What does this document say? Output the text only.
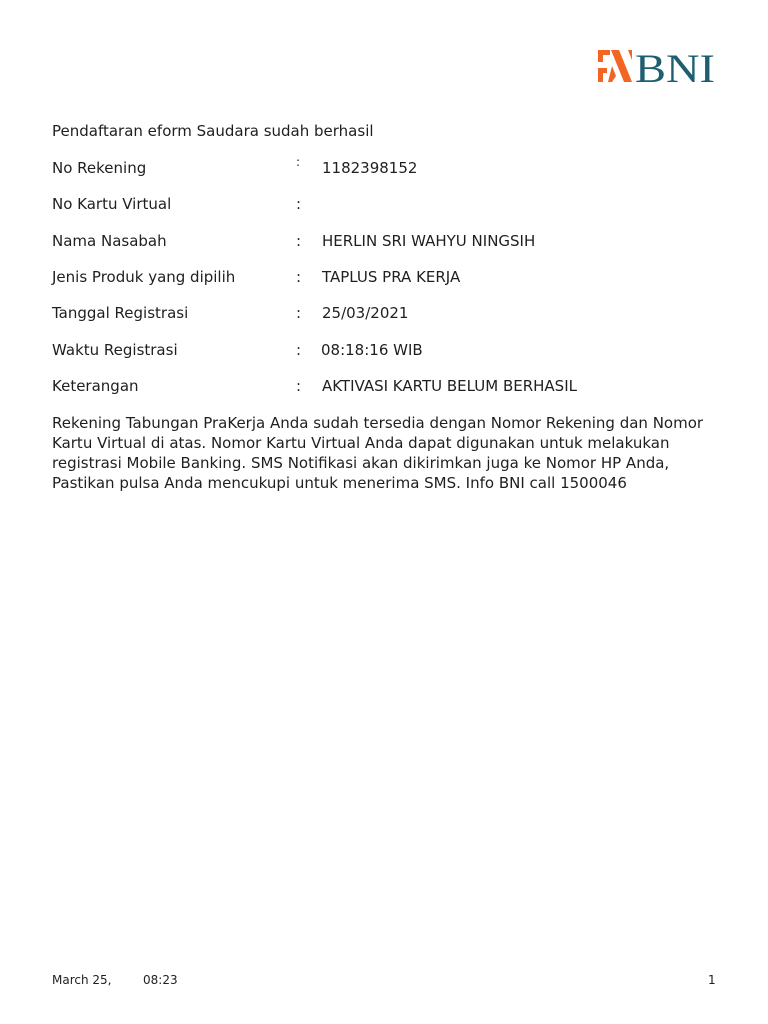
BNI

Pendaftaran eform Saudara sudah berhasil

No Rekening	: 1182398152
No Kartu Virtual	:
Nama Nasabah	: HERLIN SRI WAHYU NINGSIH
Jenis Produk yang dipilih	: TAPLUS PRA KERJA
Tanggal Registrasi	: 25/03/2021
Waktu Registrasi	: 08:18:16 WIB
Keterangan	: AKTIVASI KARTU BELUM BERHASIL

Rekening Tabungan PraKerja Anda sudah tersedia dengan Nomor Rekening dan Nomor Kartu Virtual di atas. Nomor Kartu Virtual Anda dapat digunakan untuk melakukan registrasi Mobile Banking. SMS Notifikasi akan dikirimkan juga ke Nomor HP Anda, Pastikan pulsa Anda mencukupi untuk menerima SMS. Info BNI call 1500046

March 25,	08:23	1
